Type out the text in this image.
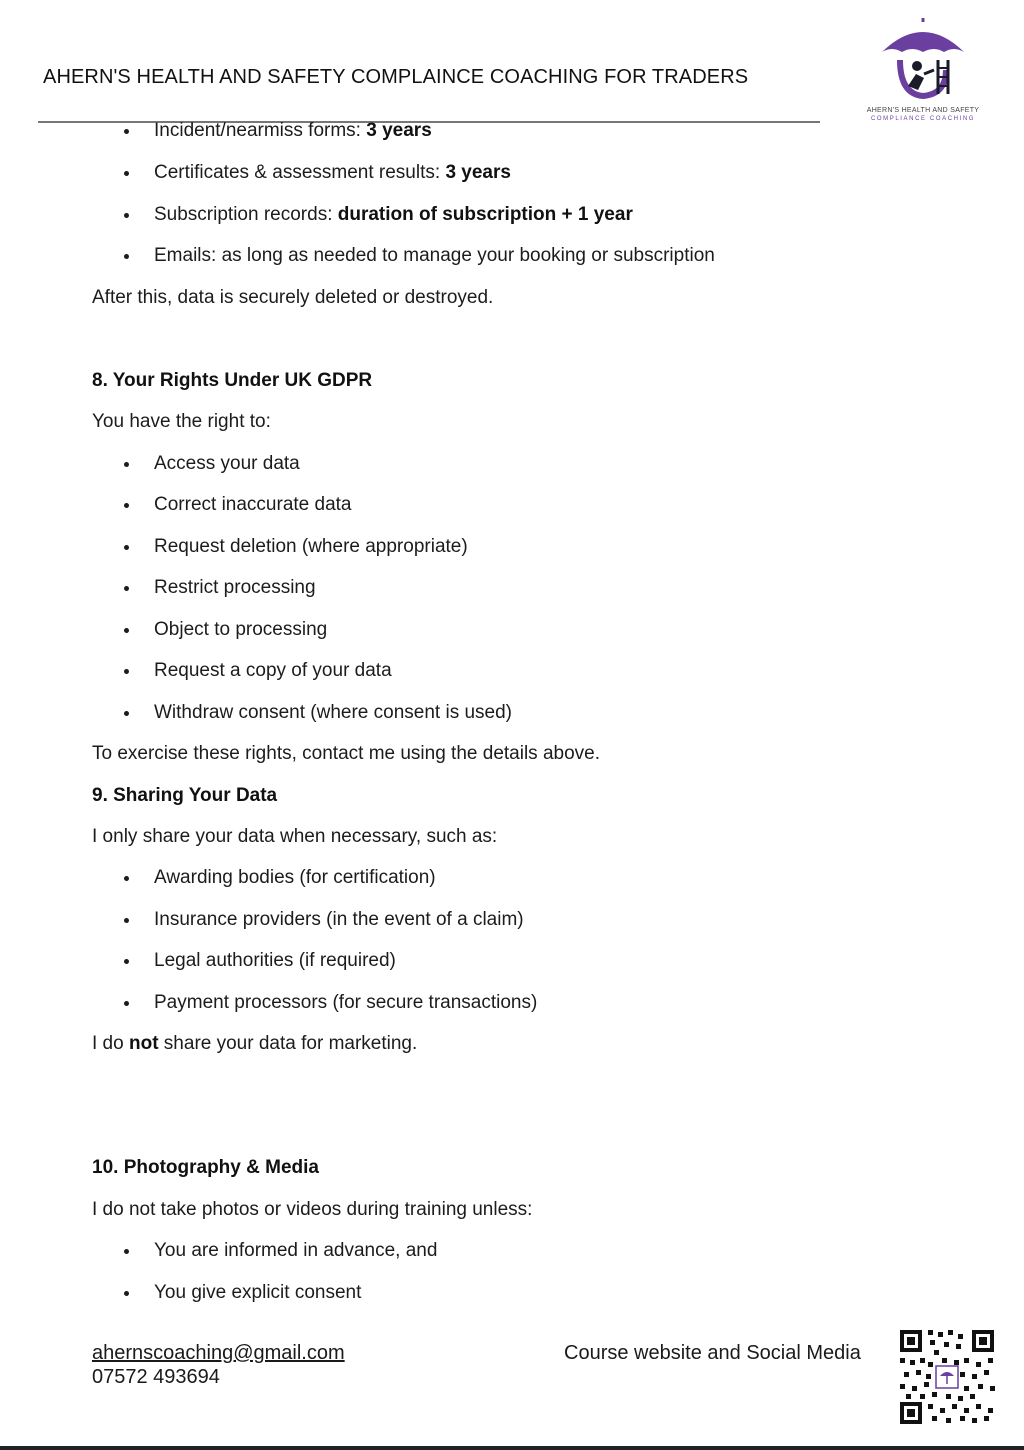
AHERN'S HEALTH AND SAFETY COMPLAINCE COACHING FOR TRADERS
AHERN'S HEALTH AND SAFETY
COMPLIANCE COACHING
Incident/nearmiss forms: 3 years
Certificates & assessment results: 3 years
Subscription records: duration of subscription + 1 year
Emails: as long as needed to manage your booking or subscription
After this, data is securely deleted or destroyed.
8. Your Rights Under UK GDPR
You have the right to:
Access your data
Correct inaccurate data
Request deletion (where appropriate)
Restrict processing
Object to processing
Request a copy of your data
Withdraw consent (where consent is used)
To exercise these rights, contact me using the details above.
9. Sharing Your Data
I only share your data when necessary, such as:
Awarding bodies (for certification)
Insurance providers (in the event of a claim)
Legal authorities (if required)
Payment processors (for secure transactions)
I do not share your data for marketing.
10. Photography & Media
I do not take photos or videos during training unless:
You are informed in advance, and
You give explicit consent
ahernscoaching@gmail.com
07572 493694
Course website and Social Media
